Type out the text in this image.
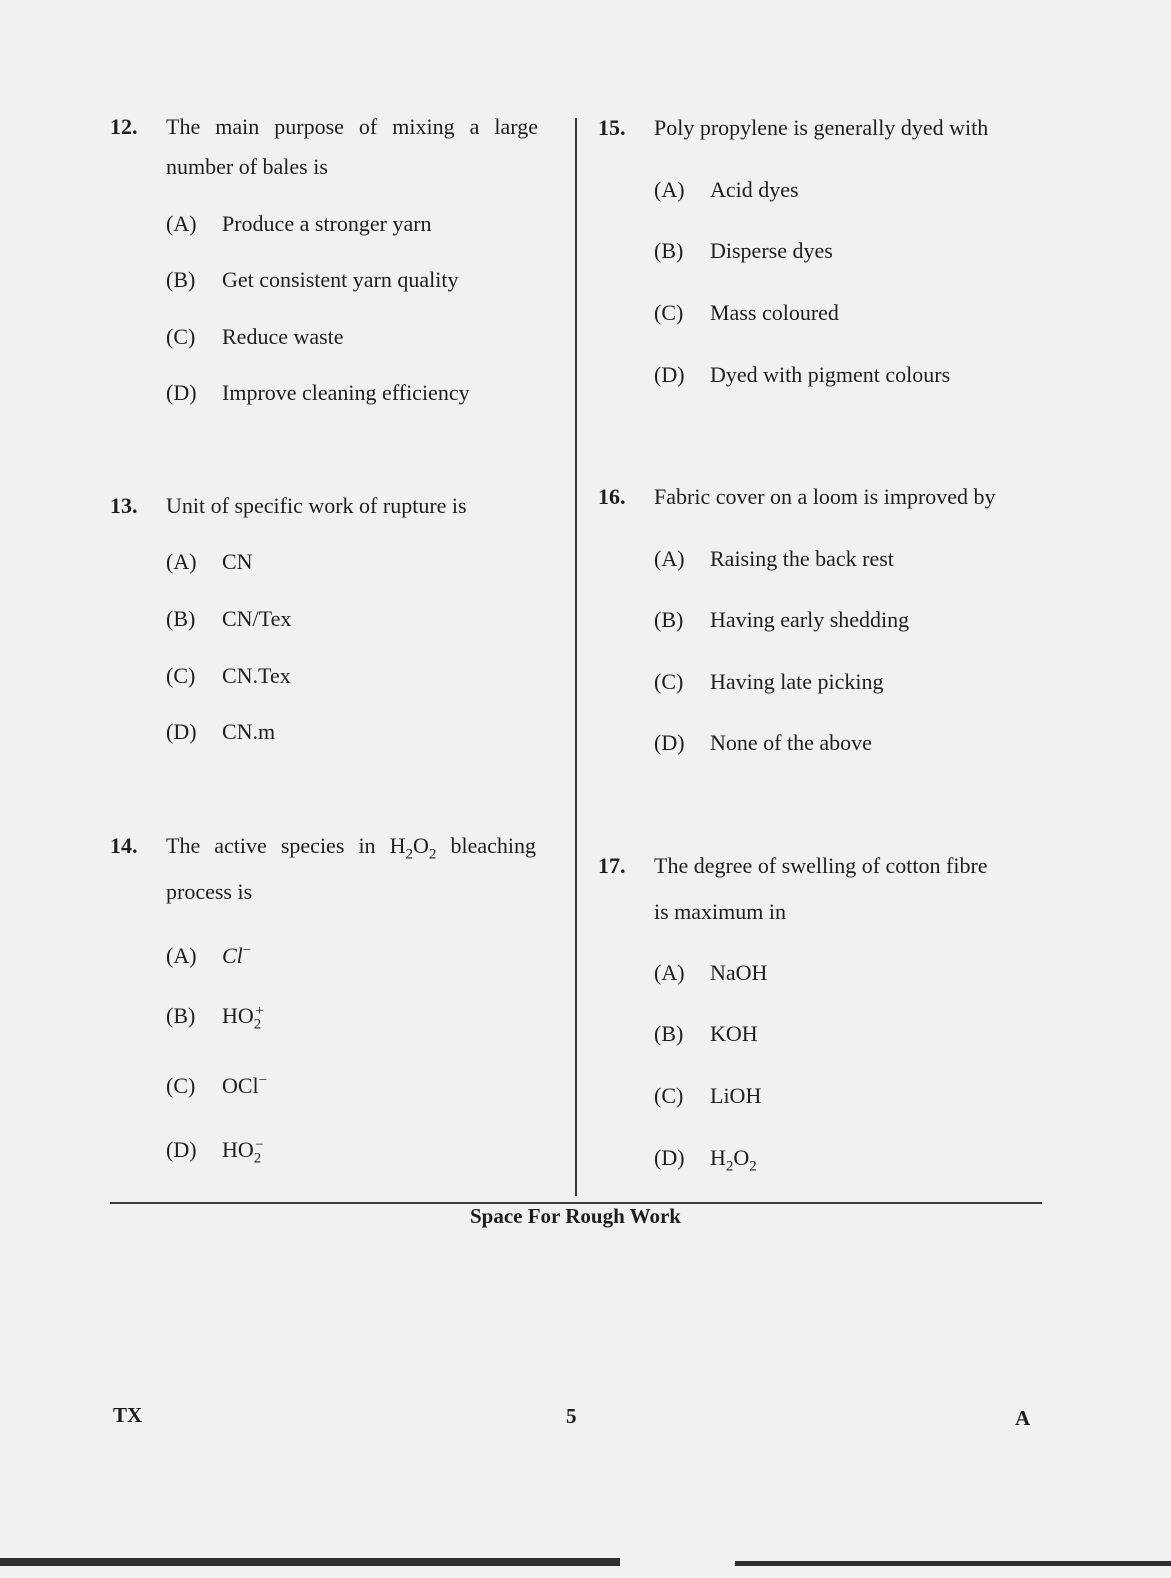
12. The main purpose of mixing a large
number of bales is
(A) Produce a stronger yarn
(B) Get consistent yarn quality
(C) Reduce waste
(D) Improve cleaning efficiency
13. Unit of specific work of rupture is
(A) CN
(B) CN/Tex
(C) CN.Tex
(D) CN.m
14. The active species in $H_2O_2$ bleaching
process is
(A) Cl−
(B) $HO_2^+$
(C) OCl−
(D) $HO_2^-$
15. Poly propylene is generally dyed with
(A) Acid dyes
(B) Disperse dyes
(C) Mass coloured
(D) Dyed with pigment colours
16. Fabric cover on a loom is improved by
(A) Raising the back rest
(B) Having early shedding
(C) Having late picking
(D) None of the above
17. The degree of swelling of cotton fibre
is maximum in
(A) NaOH
(B) KOH
(C) LiOH
(D) $H_2O_2$
Space For Rough Work
TX	5	A
